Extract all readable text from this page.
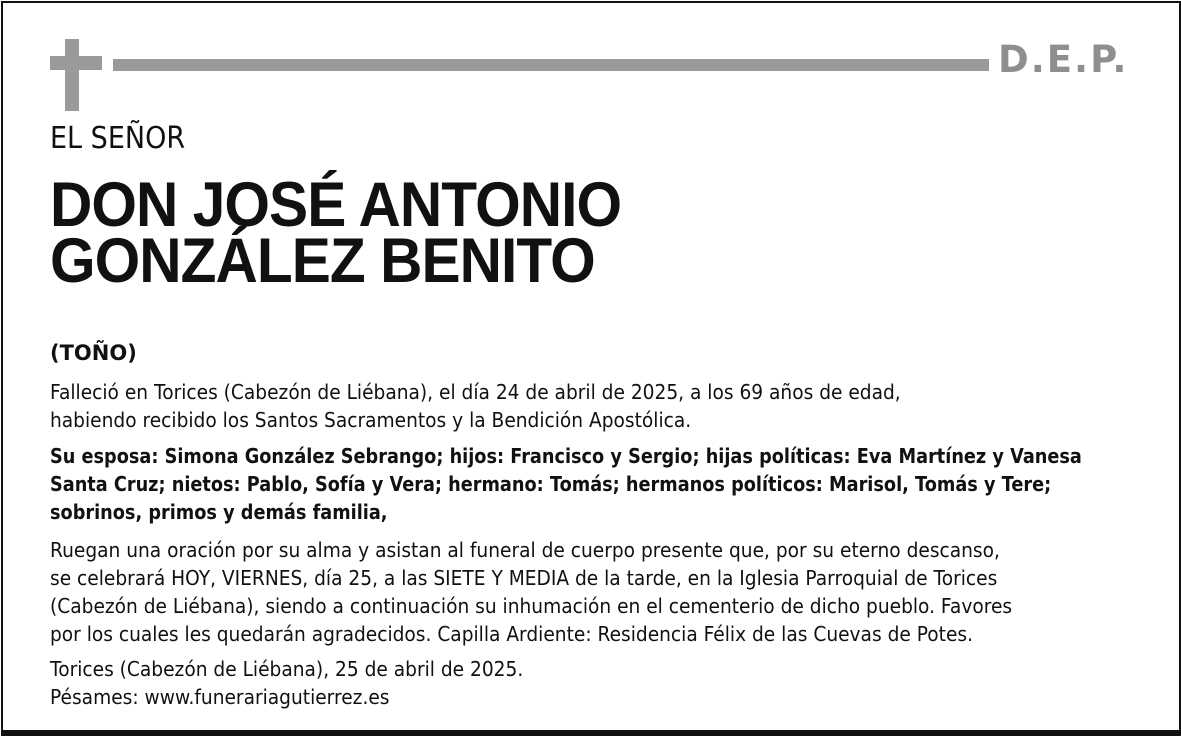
D.E.P.
EL SEÑOR
DON JOSÉ ANTONIO
GONZÁLEZ BENITO
(TOÑO)
Falleció en Torices (Cabezón de Liébana), el día 24 de abril de 2025, a los 69 años de edad,
habiendo recibido los Santos Sacramentos y la Bendición Apostólica.
Su esposa: Simona González Sebrango; hijos: Francisco y Sergio; hijas políticas: Eva Martínez y Vanesa
Santa Cruz; nietos: Pablo, Sofía y Vera; hermano: Tomás; hermanos políticos: Marisol, Tomás y Tere;
sobrinos, primos y demás familia,
Ruegan una oración por su alma y asistan al funeral de cuerpo presente que, por su eterno descanso,
se celebrará HOY, VIERNES, día 25, a las SIETE Y MEDIA de la tarde, en la Iglesia Parroquial de Torices
(Cabezón de Liébana), siendo a continuación su inhumación en el cementerio de dicho pueblo. Favores
por los cuales les quedarán agradecidos. Capilla Ardiente: Residencia Félix de las Cuevas de Potes.
Torices (Cabezón de Liébana), 25 de abril de 2025.
Pésames: www.funerariagutierrez.es
